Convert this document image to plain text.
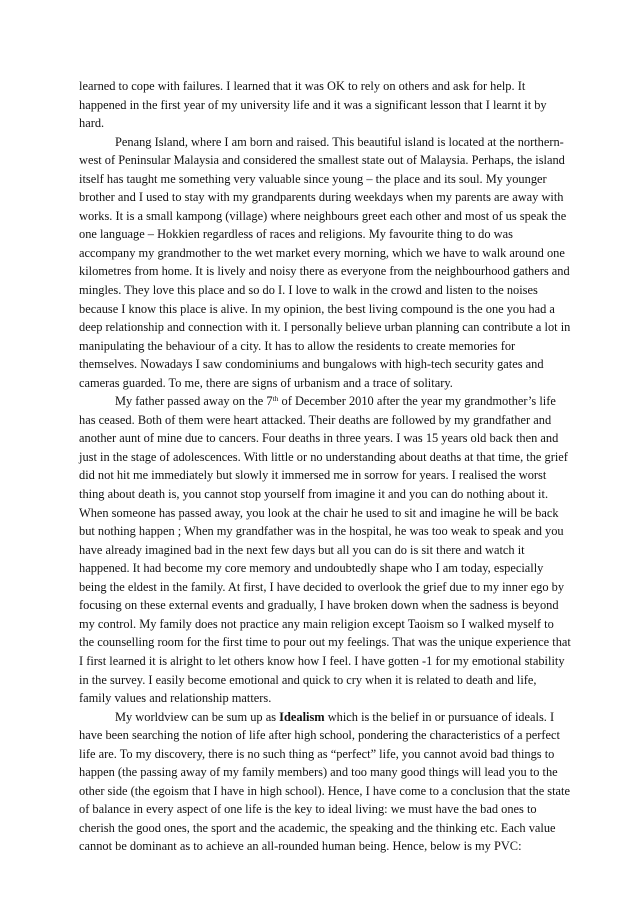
learned to cope with failures. I learned that it was OK to rely on others and ask for help. It happened in the first year of my university life and it was a significant lesson that I learnt it by hard.

Penang Island, where I am born and raised. This beautiful island is located at the northern- west of Peninsular Malaysia and considered the smallest state out of Malaysia. Perhaps, the island itself has taught me something very valuable since young – the place and its soul. My younger brother and I used to stay with my grandparents during weekdays when my parents are away with works. It is a small kampong (village) where neighbours greet each other and most of us speak the one language – Hokkien regardless of races and religions. My favourite thing to do was accompany my grandmother to the wet market every morning, which we have to walk around one kilometres from home. It is lively and noisy there as everyone from the neighbourhood gathers and mingles. They love this place and so do I. I love to walk in the crowd and listen to the noises because I know this place is alive. In my opinion, the best living compound is the one you had a deep relationship and connection with it. I personally believe urban planning can contribute a lot in manipulating the behaviour of a city. It has to allow the residents to create memories for themselves. Nowadays I saw condominiums and bungalows with high-tech security gates and cameras guarded. To me, there are signs of urbanism and a trace of solitary.

My father passed away on the 7th of December 2010 after the year my grandmother’s life has ceased. Both of them were heart attacked. Their deaths are followed by my grandfather and another aunt of mine due to cancers. Four deaths in three years. I was 15 years old back then and just in the stage of adolescences. With little or no understanding about deaths at that time, the grief did not hit me immediately but slowly it immersed me in sorrow for years. I realised the worst thing about death is, you cannot stop yourself from imagine it and you can do nothing about it. When someone has passed away, you look at the chair he used to sit and imagine he will be back but nothing happen ; When my grandfather was in the hospital, he was too weak to speak and you have already imagined bad in the next few days but all you can do is sit there and watch it happened. It had become my core memory and undoubtedly shape who I am today, especially being the eldest in the family. At first, I have decided to overlook the grief due to my inner ego by focusing on these external events and gradually, I have broken down when the sadness is beyond my control. My family does not practice any main religion except Taoism so I walked myself to the counselling room for the first time to pour out my feelings. That was the unique experience that I first learned it is alright to let others know how I feel. I have gotten -1 for my emotional stability in the survey. I easily become emotional and quick to cry when it is related to death and life, family values and relationship matters.

My worldview can be sum up as Idealism which is the belief in or pursuance of ideals. I have been searching the notion of life after high school, pondering the characteristics of a perfect life are. To my discovery, there is no such thing as “perfect” life, you cannot avoid bad things to happen (the passing away of my family members) and too many good things will lead you to the other side (the egoism that I have in high school). Hence, I have come to a conclusion that the state of balance in every aspect of one life is the key to ideal living: we must have the bad ones to cherish the good ones, the sport and the academic, the speaking and the thinking etc. Each value cannot be dominant as to achieve an all-rounded human being. Hence, below is my PVC:
